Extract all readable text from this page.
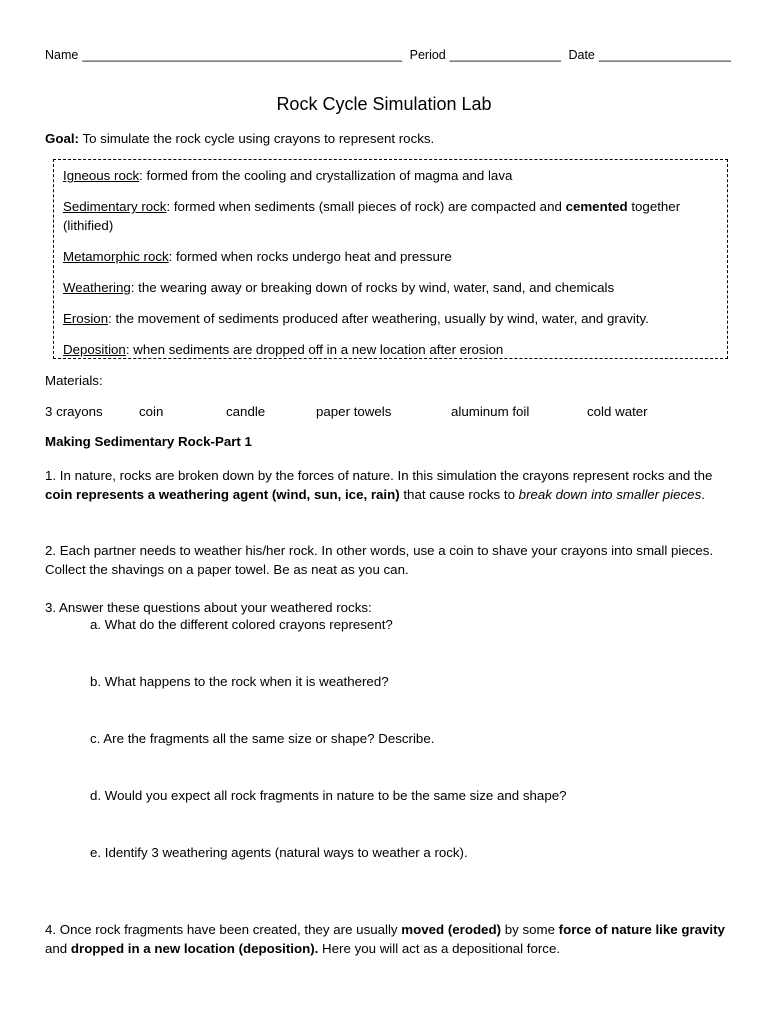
Name ______________________________________________ Period ________________ Date ___________________
Rock Cycle Simulation Lab
Goal: To simulate the rock cycle using crayons to represent rocks.
Igneous rock: formed from the cooling and crystallization of magma and lava
Sedimentary rock: formed when sediments (small pieces of rock) are compacted and cemented together (lithified)
Metamorphic rock: formed when rocks undergo heat and pressure
Weathering: the wearing away or breaking down of rocks by wind, water, sand, and chemicals
Erosion: the movement of sediments produced after weathering, usually by wind, water, and gravity.
Deposition: when sediments are dropped off in a new location after erosion
Materials:
3 crayons	coin	candle	paper towels	aluminum foil	cold water
Making Sedimentary Rock-Part 1
1. In nature, rocks are broken down by the forces of nature. In this simulation the crayons represent rocks and the coin represents a weathering agent (wind, sun, ice, rain) that cause rocks to break down into smaller pieces.
2. Each partner needs to weather his/her rock. In other words, use a coin to shave your crayons into small pieces. Collect the shavings on a paper towel. Be as neat as you can.
3. Answer these questions about your weathered rocks:
a. What do the different colored crayons represent?
b. What happens to the rock when it is weathered?
c. Are the fragments all the same size or shape? Describe.
d. Would you expect all rock fragments in nature to be the same size and shape?
e. Identify 3 weathering agents (natural ways to weather a rock).
4. Once rock fragments have been created, they are usually moved (eroded) by some force of nature like gravity and dropped in a new location (deposition). Here you will act as a depositional force.
